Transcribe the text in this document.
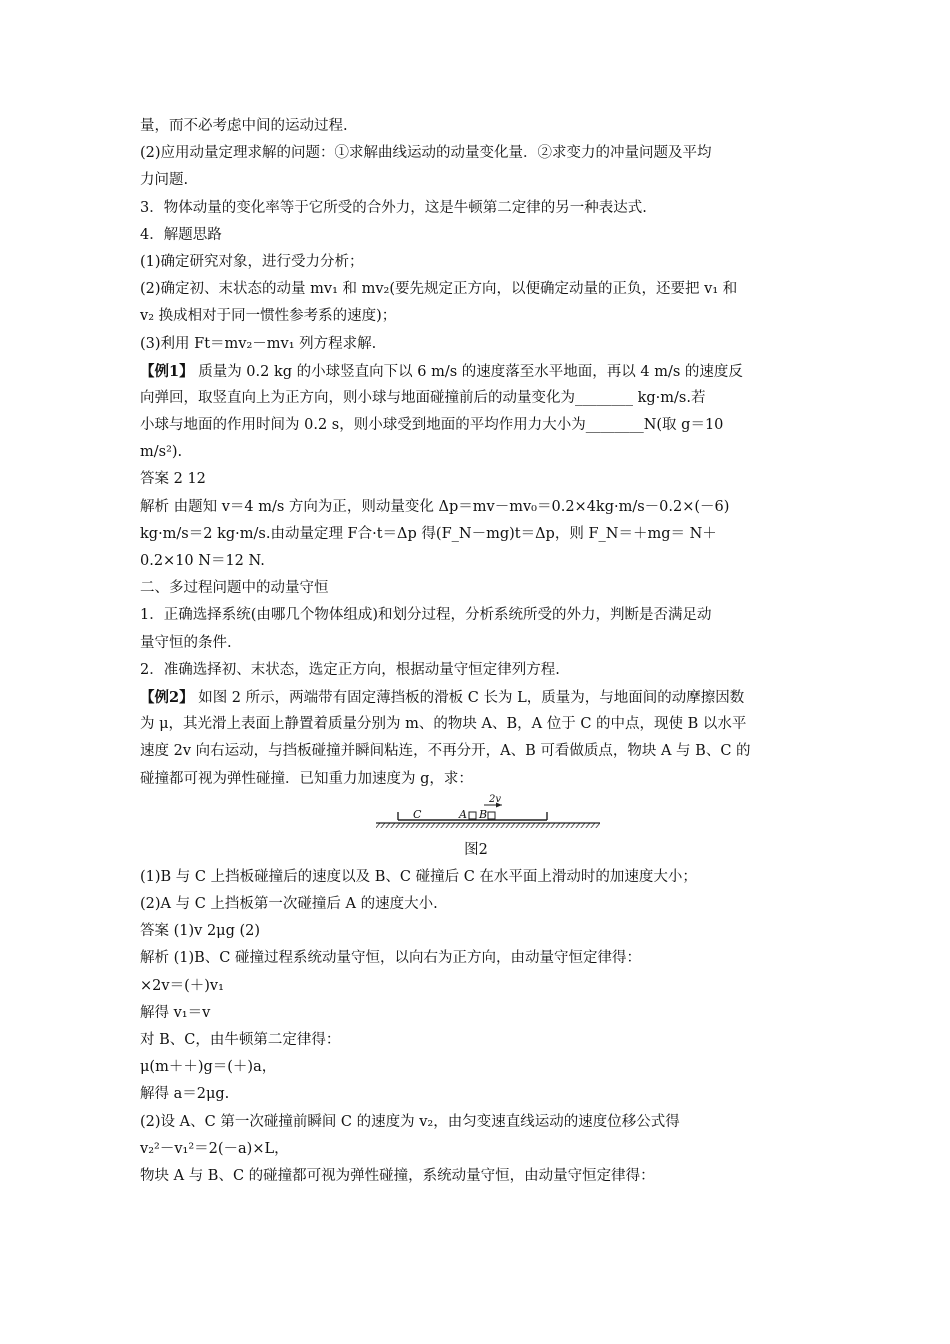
量，而不必考虑中间的运动过程.
(2)应用动量定理求解的问题：①求解曲线运动的动量变化量．②求变力的冲量问题及平均
力问题.
3．物体动量的变化率等于它所受的合外力，这是牛顿第二定律的另一种表达式.
4．解题思路
(1)确定研究对象，进行受力分析；
(2)确定初、末状态的动量 mv₁ 和 mv₂(要先规定正方向，以便确定动量的正负，还要把 v₁ 和
v₂ 换成相对于同一惯性参考系的速度)；
(3)利用 Ft＝mv₂－mv₁ 列方程求解.
【例1】 质量为 0.2 kg 的小球竖直向下以 6 m/s 的速度落至水平地面，再以 4 m/s 的速度反
向弹回，取竖直向上为正方向，则小球与地面碰撞前后的动量变化为________ kg·m/s.若
小球与地面的作用时间为 0.2 s，则小球受到地面的平均作用力大小为________N(取 g＝10
m/s²).
答案 2 12
解析 由题知 v＝4 m/s 方向为正，则动量变化 Δp＝mv－mv₀＝0.2×4kg·m/s－0.2×(－6)
kg·m/s＝2 kg·m/s.由动量定理 F合·t＝Δp 得(F_N－mg)t＝Δp，则 F_N＝＋mg＝ N＋
0.2×10 N＝12 N.
二、多过程问题中的动量守恒
1．正确选择系统(由哪几个物体组成)和划分过程，分析系统所受的外力，判断是否满足动
量守恒的条件.
2．准确选择初、末状态，选定正方向，根据动量守恒定律列方程.
【例2】 如图 2 所示，两端带有固定薄挡板的滑板 C 长为 L，质量为，与地面间的动摩擦因数
为 μ，其光滑上表面上静置着质量分别为 m、的物块 A、B，A 位于 C 的中点，现使 B 以水平
速度 2v 向右运动，与挡板碰撞并瞬间粘连，不再分开，A、B 可看做质点，物块 A 与 B、C 的
碰撞都可视为弹性碰撞．已知重力加速度为 g，求：
C	A B
2v
图2
(1)B 与 C 上挡板碰撞后的速度以及 B、C 碰撞后 C 在水平面上滑动时的加速度大小；
(2)A 与 C 上挡板第一次碰撞后 A 的速度大小.
答案 (1)v 2μg (2)
解析 (1)B、C 碰撞过程系统动量守恒，以向右为正方向，由动量守恒定律得：
×2v＝(＋)v₁
解得 v₁＝v
对 B、C，由牛顿第二定律得：
μ(m＋＋)g＝(＋)a，
解得 a＝2μg.
(2)设 A、C 第一次碰撞前瞬间 C 的速度为 v₂，由匀变速直线运动的速度位移公式得
v₂²－v₁²＝2(－a)×L，
物块 A 与 B、C 的碰撞都可视为弹性碰撞，系统动量守恒，由动量守恒定律得：
